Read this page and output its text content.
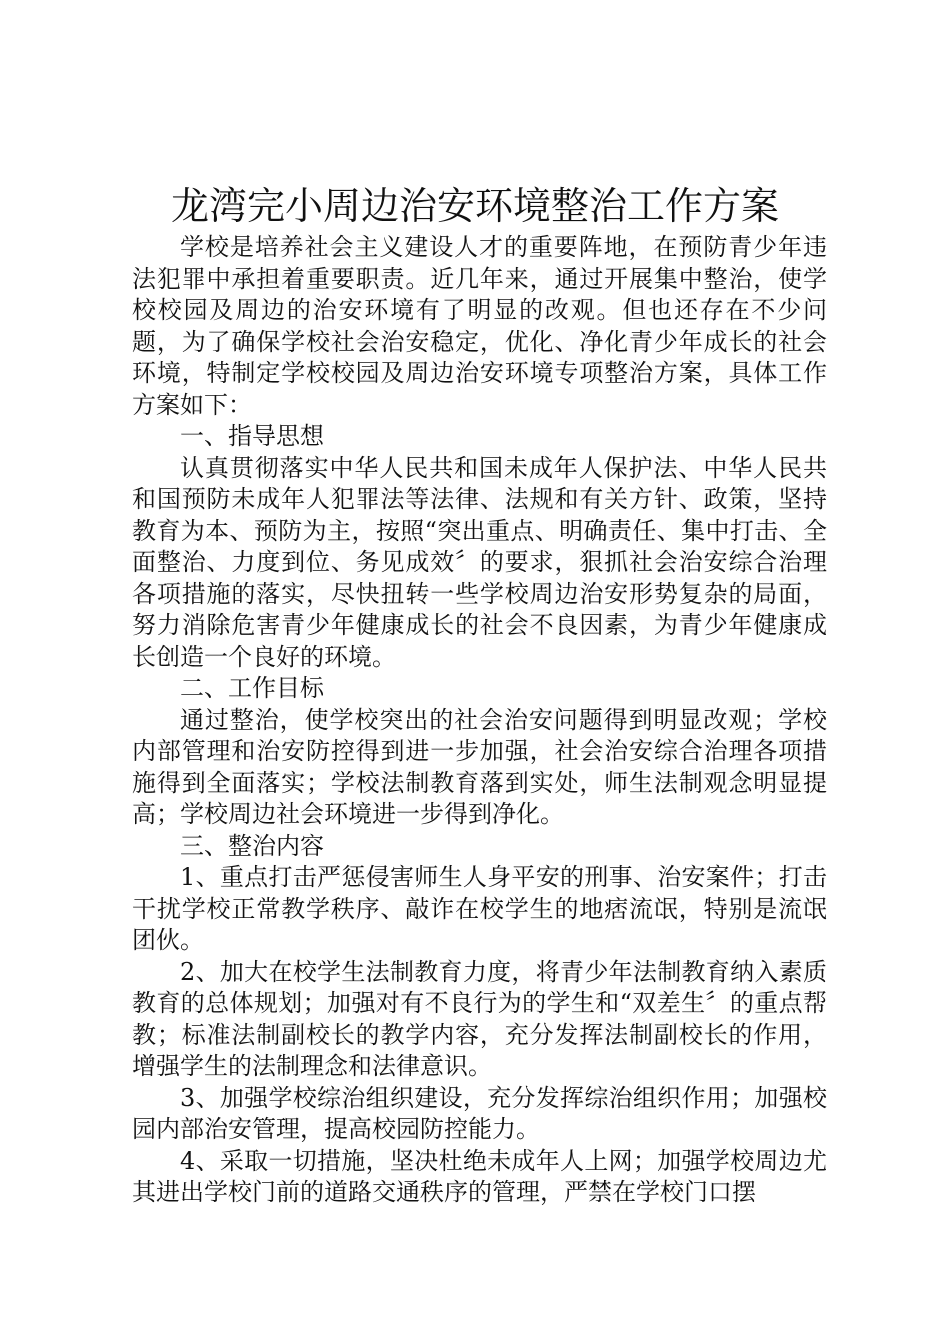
龙湾完小周边治安环境整治工作方案

学校是培养社会主义建设人才的重要阵地，在预防青少年违法犯罪中承担着重要职责。近几年来，通过开展集中整治，使学校校园及周边的治安环境有了明显的改观。但也还存在不少问题，为了确保学校社会治安稳定，优化、净化青少年成长的社会环境，特制定学校校园及周边治安环境专项整治方案，具体工作方案如下：

一、指导思想

认真贯彻落实中华人民共和国未成年人保护法、中华人民共和国预防未成年人犯罪法等法律、法规和有关方针、政策，坚持教育为本、预防为主，按照“突出重点、明确责任、集中打击、全面整治、力度到位、务见成效〞的要求，狠抓社会治安综合治理各项措施的落实，尽快扭转一些学校周边治安形势复杂的局面，努力消除危害青少年健康成长的社会不良因素，为青少年健康成长创造一个良好的环境。

二、工作目标

通过整治，使学校突出的社会治安问题得到明显改观；学校内部管理和治安防控得到进一步加强，社会治安综合治理各项措施得到全面落实；学校法制教育落到实处，师生法制观念明显提高；学校周边社会环境进一步得到净化。

三、整治内容

1、重点打击严惩侵害师生人身平安的刑事、治安案件；打击干扰学校正常教学秩序、敲诈在校学生的地痞流氓，特别是流氓团伙。

2、加大在校学生法制教育力度，将青少年法制教育纳入素质教育的总体规划；加强对有不良行为的学生和“双差生〞的重点帮教；标准法制副校长的教学内容，充分发挥法制副校长的作用，增强学生的法制理念和法律意识。

3、加强学校综治组织建设，充分发挥综治组织作用；加强校园内部治安管理，提高校园防控能力。

4、采取一切措施，坚决杜绝未成年人上网；加强学校周边尤其进出学校门前的道路交通秩序的管理，严禁在学校门口摆
